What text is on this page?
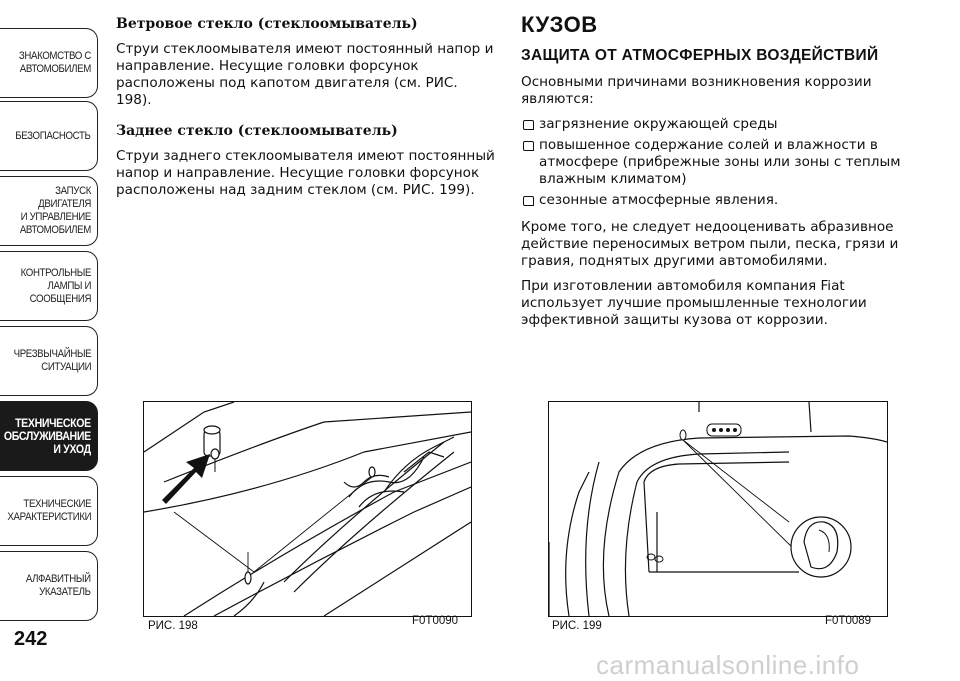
ЗНАКОМСТВО С
АВТОМОБИЛЕМ
БЕЗОПАСНОСТЬ
ЗАПУСК ДВИГАТЕЛЯ
И УПРАВЛЕНИЕ
АВТОМОБИЛЕМ
КОНТРОЛЬНЫЕ
ЛАМПЫ И
СООБЩЕНИЯ
ЧРЕЗВЫЧАЙНЫЕ
СИТУАЦИИ
ТЕХНИЧЕСКОЕ
ОБСЛУЖИВАНИЕ
И УХОД
ТЕХНИЧЕСКИЕ
ХАРАКТЕРИСТИКИ
АЛФАВИТНЫЙ
УКАЗАТЕЛЬ
242
Ветровое стекло (стеклоомыватель)

Струи стеклоомывателя имеют постоянный напор и направление. Несущие головки форсунок расположены под капотом двигателя (см. РИС. 198).

Заднее стекло (стеклоомыватель)

Струи заднего стеклоомывателя имеют постоянный напор и направление. Несущие головки форсунок расположены над задним стеклом (см. РИС. 199).

КУЗОВ
ЗАЩИТА ОТ АТМОСФЕРНЫХ ВОЗДЕЙСТВИЙ

Основными причинами возникновения коррозии являются:

загрязнение окружающей среды
повышенное содержание солей и влажности в атмосфере (прибрежные зоны или зоны с теплым влажным климатом)
сезонные атмосферные явления.

Кроме того, не следует недооценивать абразивное действие переносимых ветром пыли, песка, грязи и гравия, поднятых другими автомобилями.

При изготовлении автомобиля компания Fiat использует лучшие промышленные технологии эффективной защиты кузова от коррозии.

РИС. 198	F0T0090	РИС. 199	F0T0089
carmanualsonline.info
